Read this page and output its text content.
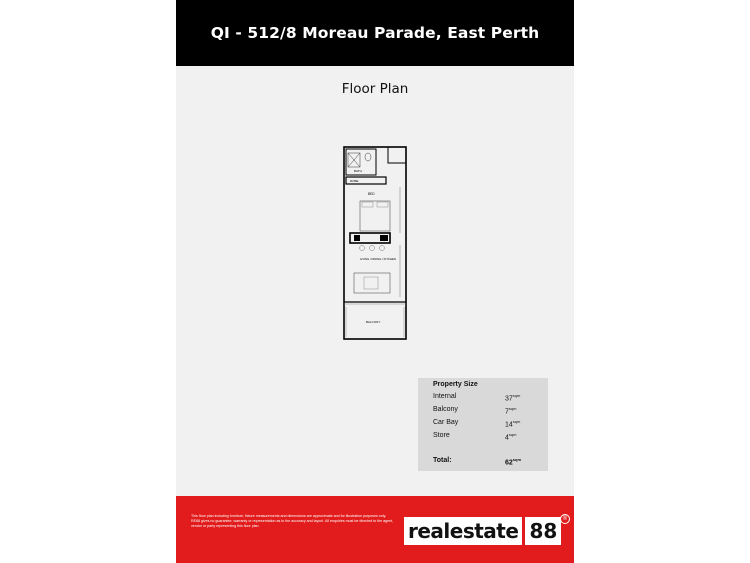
QI - 512/8 Moreau Parade, East Perth
Floor Plan
BATH
ROBE
BED
LIVING / DINING / KITCHEN
BALCONY
Property Size
Internal	$37^{sqm}$
Balcony	$7^{sqm}$
Car Bay	$14^{sqm}$
Store	$4^{sqm}$
Total:	$62^{sqm}$
This floor plan including furniture, fixture measurements and dimensions are approximate and for illustration purposes only. RE88 gives no guarantee, warranty or representation as to the accuracy and layout. All enquiries must be directed to the agent, vendor or party representing this floor plan.	realestate 88 ®
